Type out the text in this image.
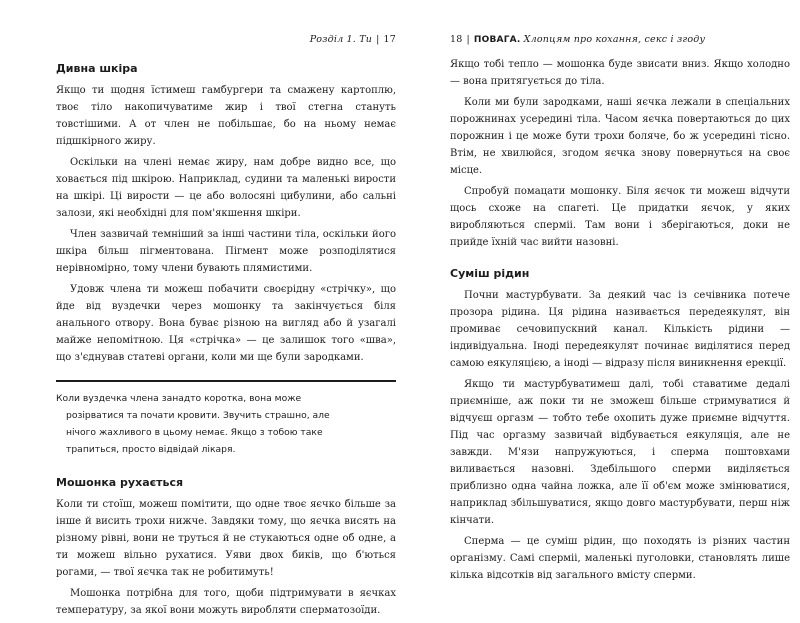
Розділ 1. Ти | 17
Дивна шкіра

Якщо ти щодня їстимеш гамбургери та смажену картоплю, твоє тіло накопичуватиме жир і твої стегна стануть товстішими. А от член не побільшає, бо на ньому немає підшкірного жиру.

Оскільки на члені немає жиру, нам добре видно все, що ховається під шкірою. Наприклад, судини та маленькі вирости на шкірі. Ці вирости — це або волосяні цибулини, або сальні залози, які необхідні для пом'якшення шкіри.

Член зазвичай темніший за інші частини тіла, оскільки його шкіра більш пігментована. Пігмент може розподілятися нерівномірно, тому члени бувають плямистими.

Удовж члена ти можеш побачити своєрідну «стрічку», що йде від вуздечки через мошонку та закінчується біля анального отвору. Вона буває різною на вигляд або й узагалі майже непомітною. Ця «стрічка» — це залишок того «шва», що з'єднував статеві органи, коли ми ще були зародками.

Коли вуздечка члена занадто коротка, вона може
розірватися та почати кровити. Звучить страшно, але
нічого жахливого в цьому немає. Якщо з тобою таке
трапиться, просто відвідай лікаря.
Мошонка рухається

Коли ти стоїш, можеш помітити, що одне твоє яєчко більше за інше й висить трохи нижче. Завдяки тому, що яєчка висять на різному рівні, вони не труться й не стукаються одне об одне, а ти можеш вільно рухатися. Уяви двох биків, що б'ються рогами, — твої яєчка так не робитимуть!

Мошонка потрібна для того, щоби підтримувати в яєчках температуру, за якої вони можуть виробляти сперматозоїди.

18 | ПОВАГА. Хлопцям про кохання, секс і згоду

Якщо тобі тепло — мошонка буде звисати вниз. Якщо холодно — вона притягується до тіла.

Коли ми були зародками, наші яєчка лежали в спеціальних порожнинах усередині тіла. Часом яєчка повертаються до цих порожнин і це може бути трохи боляче, бо ж усередині тісно. Втім, не хвилюйся, згодом яєчка знову повернуться на своє місце.

Спробуй помацати мошонку. Біля яєчок ти можеш відчути щось схоже на спагеті. Це придатки яєчок, у яких виробляються сперміі. Там вони і зберігаються, доки не прийде їхній час вийти назовні.

Суміш рідин

Почни мастурбувати. За деякий час із сечівника потече прозора рідина. Ця рідина називається передеякулят, він промиває сечовипускний канал. Кількість рідини — індивідуальна. Іноді передеякулят починає виділятися перед самою еякуляцією, а іноді — відразу після виникнення ерекції.

Якщо ти мастурбуватимеш далі, тобі ставатиме дедалі приємніше, аж поки ти не зможеш більше стримуватися й відчуєш оргазм — тобто тебе охопить дуже приємне відчуття. Під час оргазму зазвичай відбувається еякуляція, але не завжди. М'язи напружуються, і сперма поштовхами виливається назовні. Здебільшого сперми виділяється приблизно одна чайна ложка, але її об'єм може змінюватися, наприклад збільшуватися, якщо довго мастурбувати, перш ніж кінчати.

Сперма — це суміш рідин, що походять із різних частин організму. Самі сперміі, маленькі пуголовки, становлять лише кілька відсотків від загального вмісту сперми.
